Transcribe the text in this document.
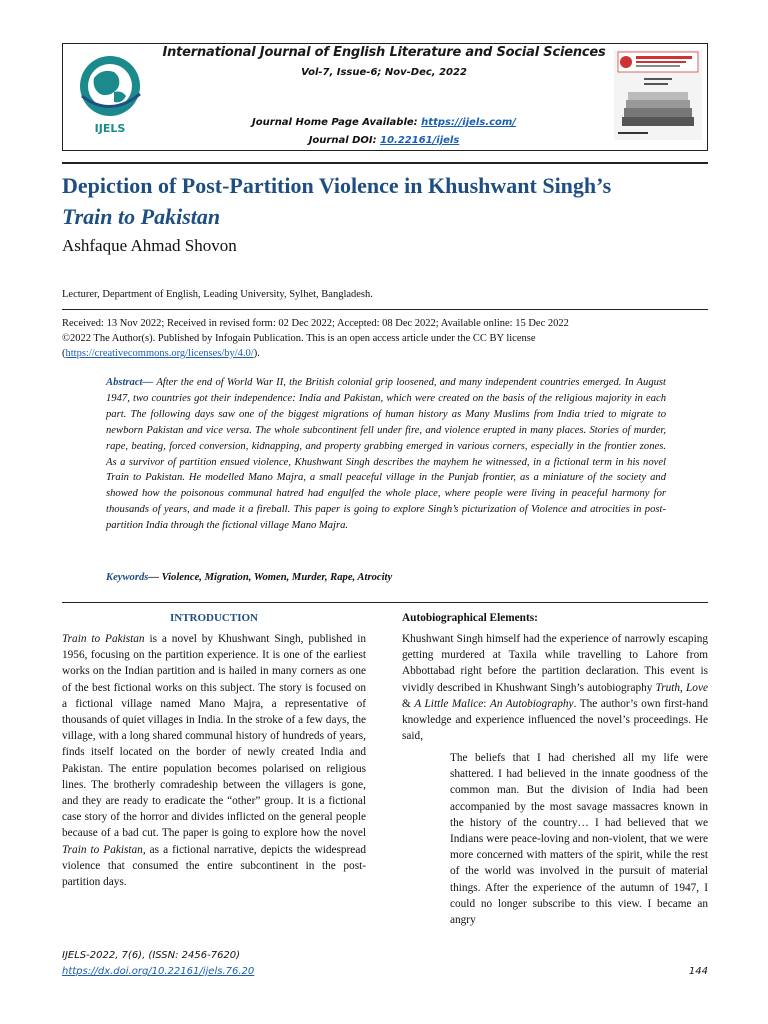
IJELS
International Journal of English Literature and Social Sciences
Vol-7, Issue-6; Nov-Dec, 2022
Journal Home Page Available: https://ijels.com/
Journal DOI: 10.22161/ijels
Depiction of Post-Partition Violence in Khushwant Singh’s
Train to Pakistan
Ashfaque Ahmad Shovon
Lecturer, Department of English, Leading University, Sylhet, Bangladesh.
Received: 13 Nov 2022; Received in revised form: 02 Dec 2022; Accepted: 08 Dec 2022; Available online: 15 Dec 2022
©2022 The Author(s). Published by Infogain Publication. This is an open access article under the CC BY license
(https://creativecommons.org/licenses/by/4.0/).
Abstract— After the end of World War II, the British colonial grip loosened, and many independent countries emerged. In August 1947, two countries got their independence: India and Pakistan, which were created on the basis of the religious majority in each part. The following days saw one of the biggest migrations of human history as Many Muslims from India tried to migrate to newborn Pakistan and vice versa. The whole subcontinent fell under fire, and violence erupted in many places. Stories of murder, rape, beating, forced conversion, kidnapping, and property grabbing emerged in various corners, especially in the frontier zones. As a survivor of partition ensued violence, Khushwant Singh describes the mayhem he witnessed, in a fictional term in his novel Train to Pakistan. He modelled Mano Majra, a small peaceful village in the Punjab frontier, as a miniature of the society and showed how the poisonous communal hatred had engulfed the whole place, where people were living in peaceful harmony for thousands of years, and made it a fireball. This paper is going to explore Singh’s picturization of Violence and atrocities in post-partition India through the fictional village Mano Majra.
Keywords— Violence, Migration, Women, Murder, Rape, Atrocity
INTRODUCTION
Train to Pakistan is a novel by Khushwant Singh, published in 1956, focusing on the partition experience. It is one of the earliest works on the Indian partition and is hailed in many corners as one of the best fictional works on this subject. The story is focused on a fictional village named Mano Majra, a representative of thousands of quiet villages in India. In the stroke of a few days, the village, with a long shared communal history of hundreds of years, finds itself located on the border of newly created India and Pakistan. The entire population becomes polarised on religious lines. The brotherly comradeship between the villagers is gone, and they are ready to eradicate the “other” group. It is a fictional case story of the horror and divides inflicted on the general people because of a bad cut. The paper is going to explore how the novel Train to Pakistan, as a fictional narrative, depicts the widespread violence that consumed the entire subcontinent in the post-partition days.
Autobiographical Elements:
Khushwant Singh himself had the experience of narrowly escaping getting murdered at Taxila while travelling to Lahore from Abbottabad right before the partition declaration. This event is vividly described in Khushwant Singh’s autobiography Truth, Love & A Little Malice: An Autobiography. The author’s own first-hand knowledge and experience influenced the novel’s proceedings. He said,
The beliefs that I had cherished all my life were shattered. I had believed in the innate goodness of the common man. But the division of India had been accompanied by the most savage massacres known in the history of the country… I had believed that we Indians were peace-loving and non-violent, that we were more concerned with matters of the spirit, while the rest of the world was involved in the pursuit of material things. After the experience of the autumn of 1947, I could no longer subscribe to this view. I became an angry
IJELS-2022, 7(6), (ISSN: 2456-7620)
https://dx.doi.org/10.22161/ijels.76.20	144
